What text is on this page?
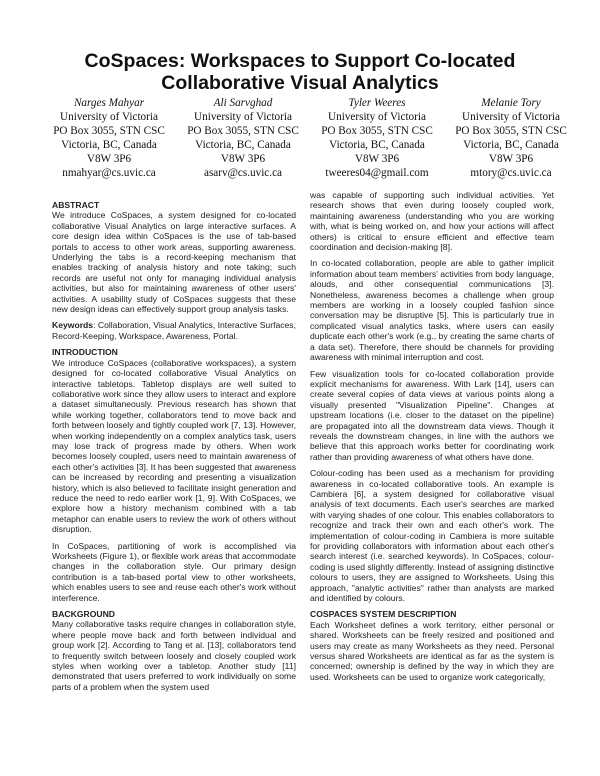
CoSpaces: Workspaces to Support Co-located Collaborative Visual Analytics
Narges Mahyar
University of Victoria
PO Box 3055, STN CSC
Victoria, BC, Canada
V8W 3P6
nmahyar@cs.uvic.ca
Ali Sarvghad
University of Victoria
PO Box 3055, STN CSC
Victoria, BC, Canada
V8W 3P6
asarv@cs.uvic.ca
Tyler Weeres
University of Victoria
PO Box 3055, STN CSC
Victoria, BC, Canada
V8W 3P6
tweeres04@gmail.com
Melanie Tory
University of Victoria
PO Box 3055, STN CSC
Victoria, BC, Canada
V8W 3P6
mtory@cs.uvic.ca
ABSTRACT

We introduce CoSpaces, a system designed for co-located collaborative Visual Analytics on large interactive surfaces. A core design idea within CoSpaces is the use of tab-based portals to access to other work areas, supporting awareness. Underlying the tabs is a record-keeping mechanism that enables tracking of analysis history and note taking; such records are useful not only for managing individual analysis activities, but also for maintaining awareness of other users' activities. A usability study of CoSpaces suggests that these new design ideas can effectively support group analysis tasks.

Keywords: Collaboration, Visual Analytics, Interactive Surfaces, Record-Keeping, Workspace, Awareness, Portal.

INTRODUCTION

We introduce CoSpaces (collaborative workspaces), a system designed for co-located collaborative Visual Analytics on interactive tabletops. Tabletop displays are well suited to collaborative work since they allow users to interact and explore a dataset simultaneously. Previous research has shown that while working together, collaborators tend to move back and forth between loosely and tightly coupled work [7, 13]. However, when working independently on a complex analytics task, users may lose track of progress made by others. When work becomes loosely coupled, users need to maintain awareness of each other's activities [3]. It has been suggested that awareness can be increased by recording and presenting a visualization history, which is also believed to facilitate insight generation and reduce the need to redo earlier work [1, 9]. With CoSpaces, we explore how a history mechanism combined with a tab metaphor can enable users to review the work of others without disruption.

In CoSpaces, partitioning of work is accomplished via Worksheets (Figure 1), or flexible work areas that accommodate changes in the collaboration style. Our primary design contribution is a tab-based portal view to other worksheets, which enables users to see and reuse each other's work without interference.

BACKGROUND

Many collaborative tasks require changes in collaboration style, where people move back and forth between individual and group work [2]. According to Tang et al. [13], collaborators tend to frequently switch between loosely and closely coupled work styles when working over a tabletop. Another study [11] demonstrated that users preferred to work individually on some parts of a problem when the system used

was capable of supporting such individual activities. Yet research shows that even during loosely coupled work, maintaining awareness (understanding who you are working with, what is being worked on, and how your actions will affect others) is critical to ensure efficient and effective team coordination and decision-making [8].

In co-located collaboration, people are able to gather implicit information about team members' activities from body language, alouds, and other consequential communications [3]. Nonetheless, awareness becomes a challenge when group members are working in a loosely coupled fashion since conversation may be disruptive [5]. This is particularly true in complicated visual analytics tasks, where users can easily duplicate each other's work (e.g., by creating the same charts of a data set). Therefore, there should be channels for providing awareness with minimal interruption and cost.

Few visualization tools for co-located collaboration provide explicit mechanisms for awareness. With Lark [14], users can create several copies of data views at various points along a visually presented "Visualization Pipeline". Changes at upstream locations (i.e. closer to the dataset on the pipeline) are propagated into all the downstream data views. Though it reveals the downstream changes, in line with the authors we believe that this approach works better for coordinating work rather than providing awareness of what others have done.

Colour-coding has been used as a mechanism for providing awareness in co-located collaborative tools. An example is Cambiera [6], a system designed for collaborative visual analysis of text documents. Each user's searches are marked with varying shades of one colour. This enables collaborators to recognize and track their own and each other's work. The implementation of colour-coding in Cambiera is more suitable for providing collaborators with information about each other's search interest (i.e. searched keywords). In CoSpaces, colour-coding is used slightly differently. Instead of assigning distinctive colours to users, they are assigned to Worksheets. Using this approach, "analytic activities" rather than analysts are marked and identified by colours.

COSPACES SYSTEM DESCRIPTION

Each Worksheet defines a work territory, either personal or shared. Worksheets can be freely resized and positioned and users may create as many Worksheets as they need. Personal versus shared Worksheets are identical as far as the system is concerned; ownership is defined by the way in which they are used. Worksheets can be used to organize work categorically,
